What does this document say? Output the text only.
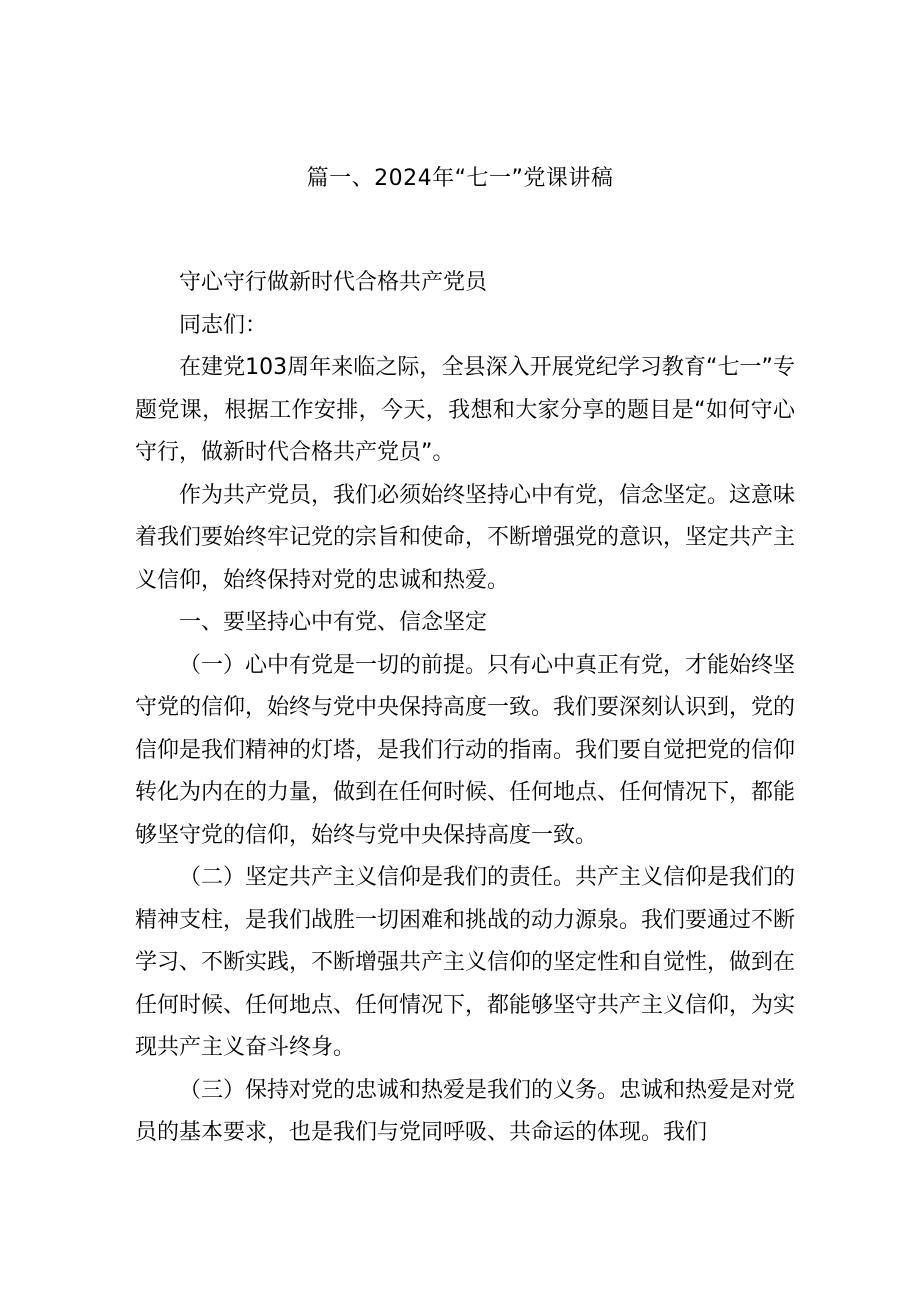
篇一、2024年“七一”党课讲稿

守心守行做新时代合格共产党员

同志们：

在建党103周年来临之际，全县深入开展党纪学习教育“七一”专题党课，根据工作安排，今天，我想和大家分享的题目是“如何守心守行，做新时代合格共产党员”。

作为共产党员，我们必须始终坚持心中有党，信念坚定。这意味着我们要始终牢记党的宗旨和使命，不断增强党的意识，坚定共产主义信仰，始终保持对党的忠诚和热爱。

一、要坚持心中有党、信念坚定

（一）心中有党是一切的前提。只有心中真正有党，才能始终坚守党的信仰，始终与党中央保持高度一致。我们要深刻认识到，党的信仰是我们精神的灯塔，是我们行动的指南。我们要自觉把党的信仰转化为内在的力量，做到在任何时候、任何地点、任何情况下，都能够坚守党的信仰，始终与党中央保持高度一致。

（二）坚定共产主义信仰是我们的责任。共产主义信仰是我们的精神支柱，是我们战胜一切困难和挑战的动力源泉。我们要通过不断学习、不断实践，不断增强共产主义信仰的坚定性和自觉性，做到在任何时候、任何地点、任何情况下，都能够坚守共产主义信仰，为实现共产主义奋斗终身。

（三）保持对党的忠诚和热爱是我们的义务。忠诚和热爱是对党员的基本要求，也是我们与党同呼吸、共命运的体现。我们
